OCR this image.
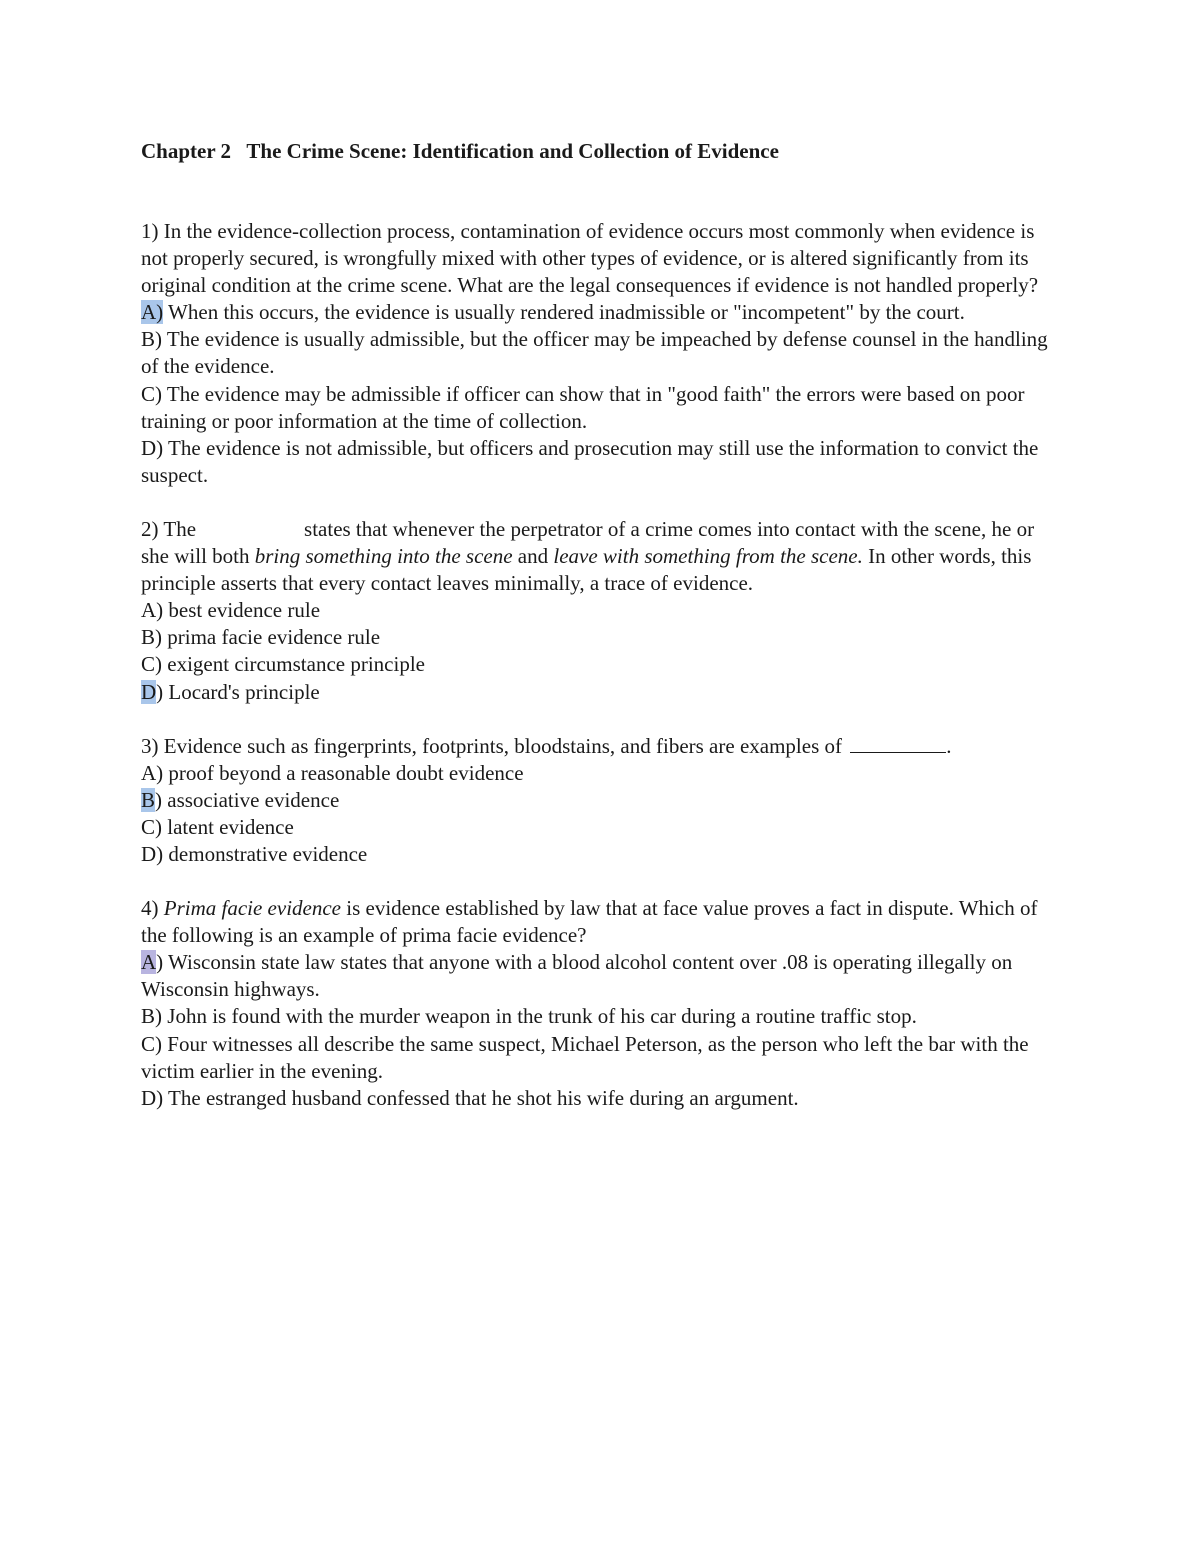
Chapter 2   The Crime Scene: Identification and Collection of Evidence

1) In the evidence-collection process, contamination of evidence occurs most commonly when evidence is not properly secured, is wrongfully mixed with other types of evidence, or is altered significantly from its original condition at the crime scene. What are the legal consequences if evidence is not handled properly?

A) When this occurs, the evidence is usually rendered inadmissible or "incompetent" by the court.

B) The evidence is usually admissible, but the officer may be impeached by defense counsel in the handling of the evidence.

C) The evidence may be admissible if officer can show that in "good faith" the errors were based on poor training or poor information at the time of collection.

D) The evidence is not admissible, but officers and prosecution may still use the information to convict the suspect.

2) The	states that whenever the perpetrator of a crime comes into contact with the scene, he or she will both bring something into the scene and leave with something from the scene. In other words, this principle asserts that every contact leaves minimally, a trace of evidence.

A) best evidence rule

B) prima facie evidence rule

C) exigent circumstance principle

D) Locard's principle

3) Evidence such as fingerprints, footprints, bloodstains, and fibers are examples of	.

A) proof beyond a reasonable doubt evidence

B) associative evidence

C) latent evidence

D) demonstrative evidence

4) Prima facie evidence is evidence established by law that at face value proves a fact in dispute. Which of the following is an example of prima facie evidence?

A) Wisconsin state law states that anyone with a blood alcohol content over .08 is operating illegally on Wisconsin highways.

B) John is found with the murder weapon in the trunk of his car during a routine traffic stop.

C) Four witnesses all describe the same suspect, Michael Peterson, as the person who left the bar with the victim earlier in the evening.

D) The estranged husband confessed that he shot his wife during an argument.
